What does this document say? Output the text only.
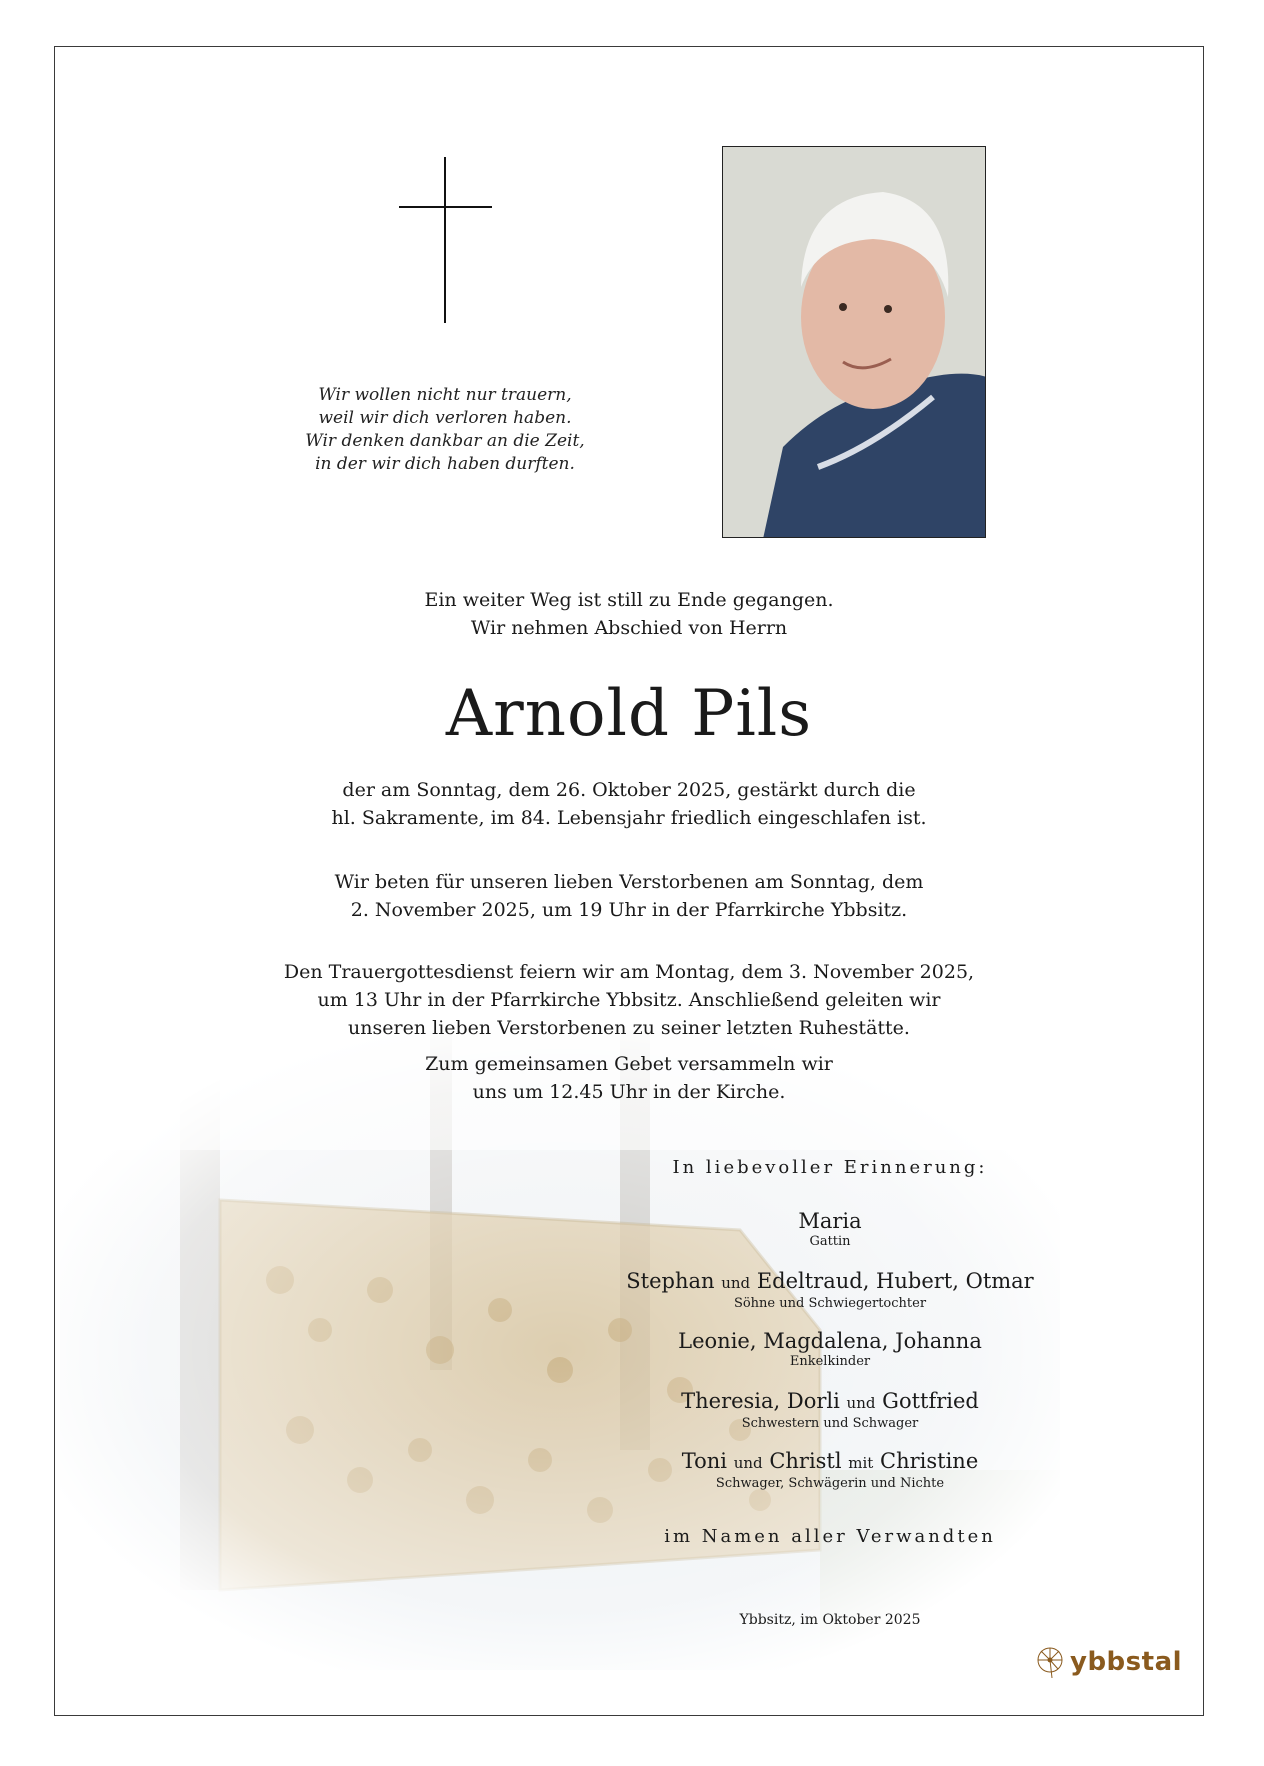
Wir wollen nicht nur trauern,
weil wir dich verloren haben.
Wir denken dankbar an die Zeit,
in der wir dich haben durften.
Ein weiter Weg ist still zu Ende gegangen.
Wir nehmen Abschied von Herrn
Arnold Pils
der am Sonntag, dem 26. Oktober 2025, gestärkt durch die
hl. Sakramente, im 84. Lebensjahr friedlich eingeschlafen ist.
Wir beten für unseren lieben Verstorbenen am Sonntag, dem
2. November 2025, um 19 Uhr in der Pfarrkirche Ybbsitz.
Den Trauergottesdienst feiern wir am Montag, dem 3. November 2025,
um 13 Uhr in der Pfarrkirche Ybbsitz. Anschließend geleiten wir
unseren lieben Verstorbenen zu seiner letzten Ruhestätte.
Zum gemeinsamen Gebet versammeln wir
uns um 12.45 Uhr in der Kirche.
In liebevoller Erinnerung:
Maria
Gattin
Stephan und Edeltraud, Hubert, Otmar
Söhne und Schwiegertochter
Leonie, Magdalena, Johanna
Enkelkinder
Theresia, Dorli und Gottfried
Schwestern und Schwager
Toni und Christl mit Christine
Schwager, Schwägerin und Nichte
im Namen aller Verwandten
Ybbsitz, im Oktober 2025
ybbstal
